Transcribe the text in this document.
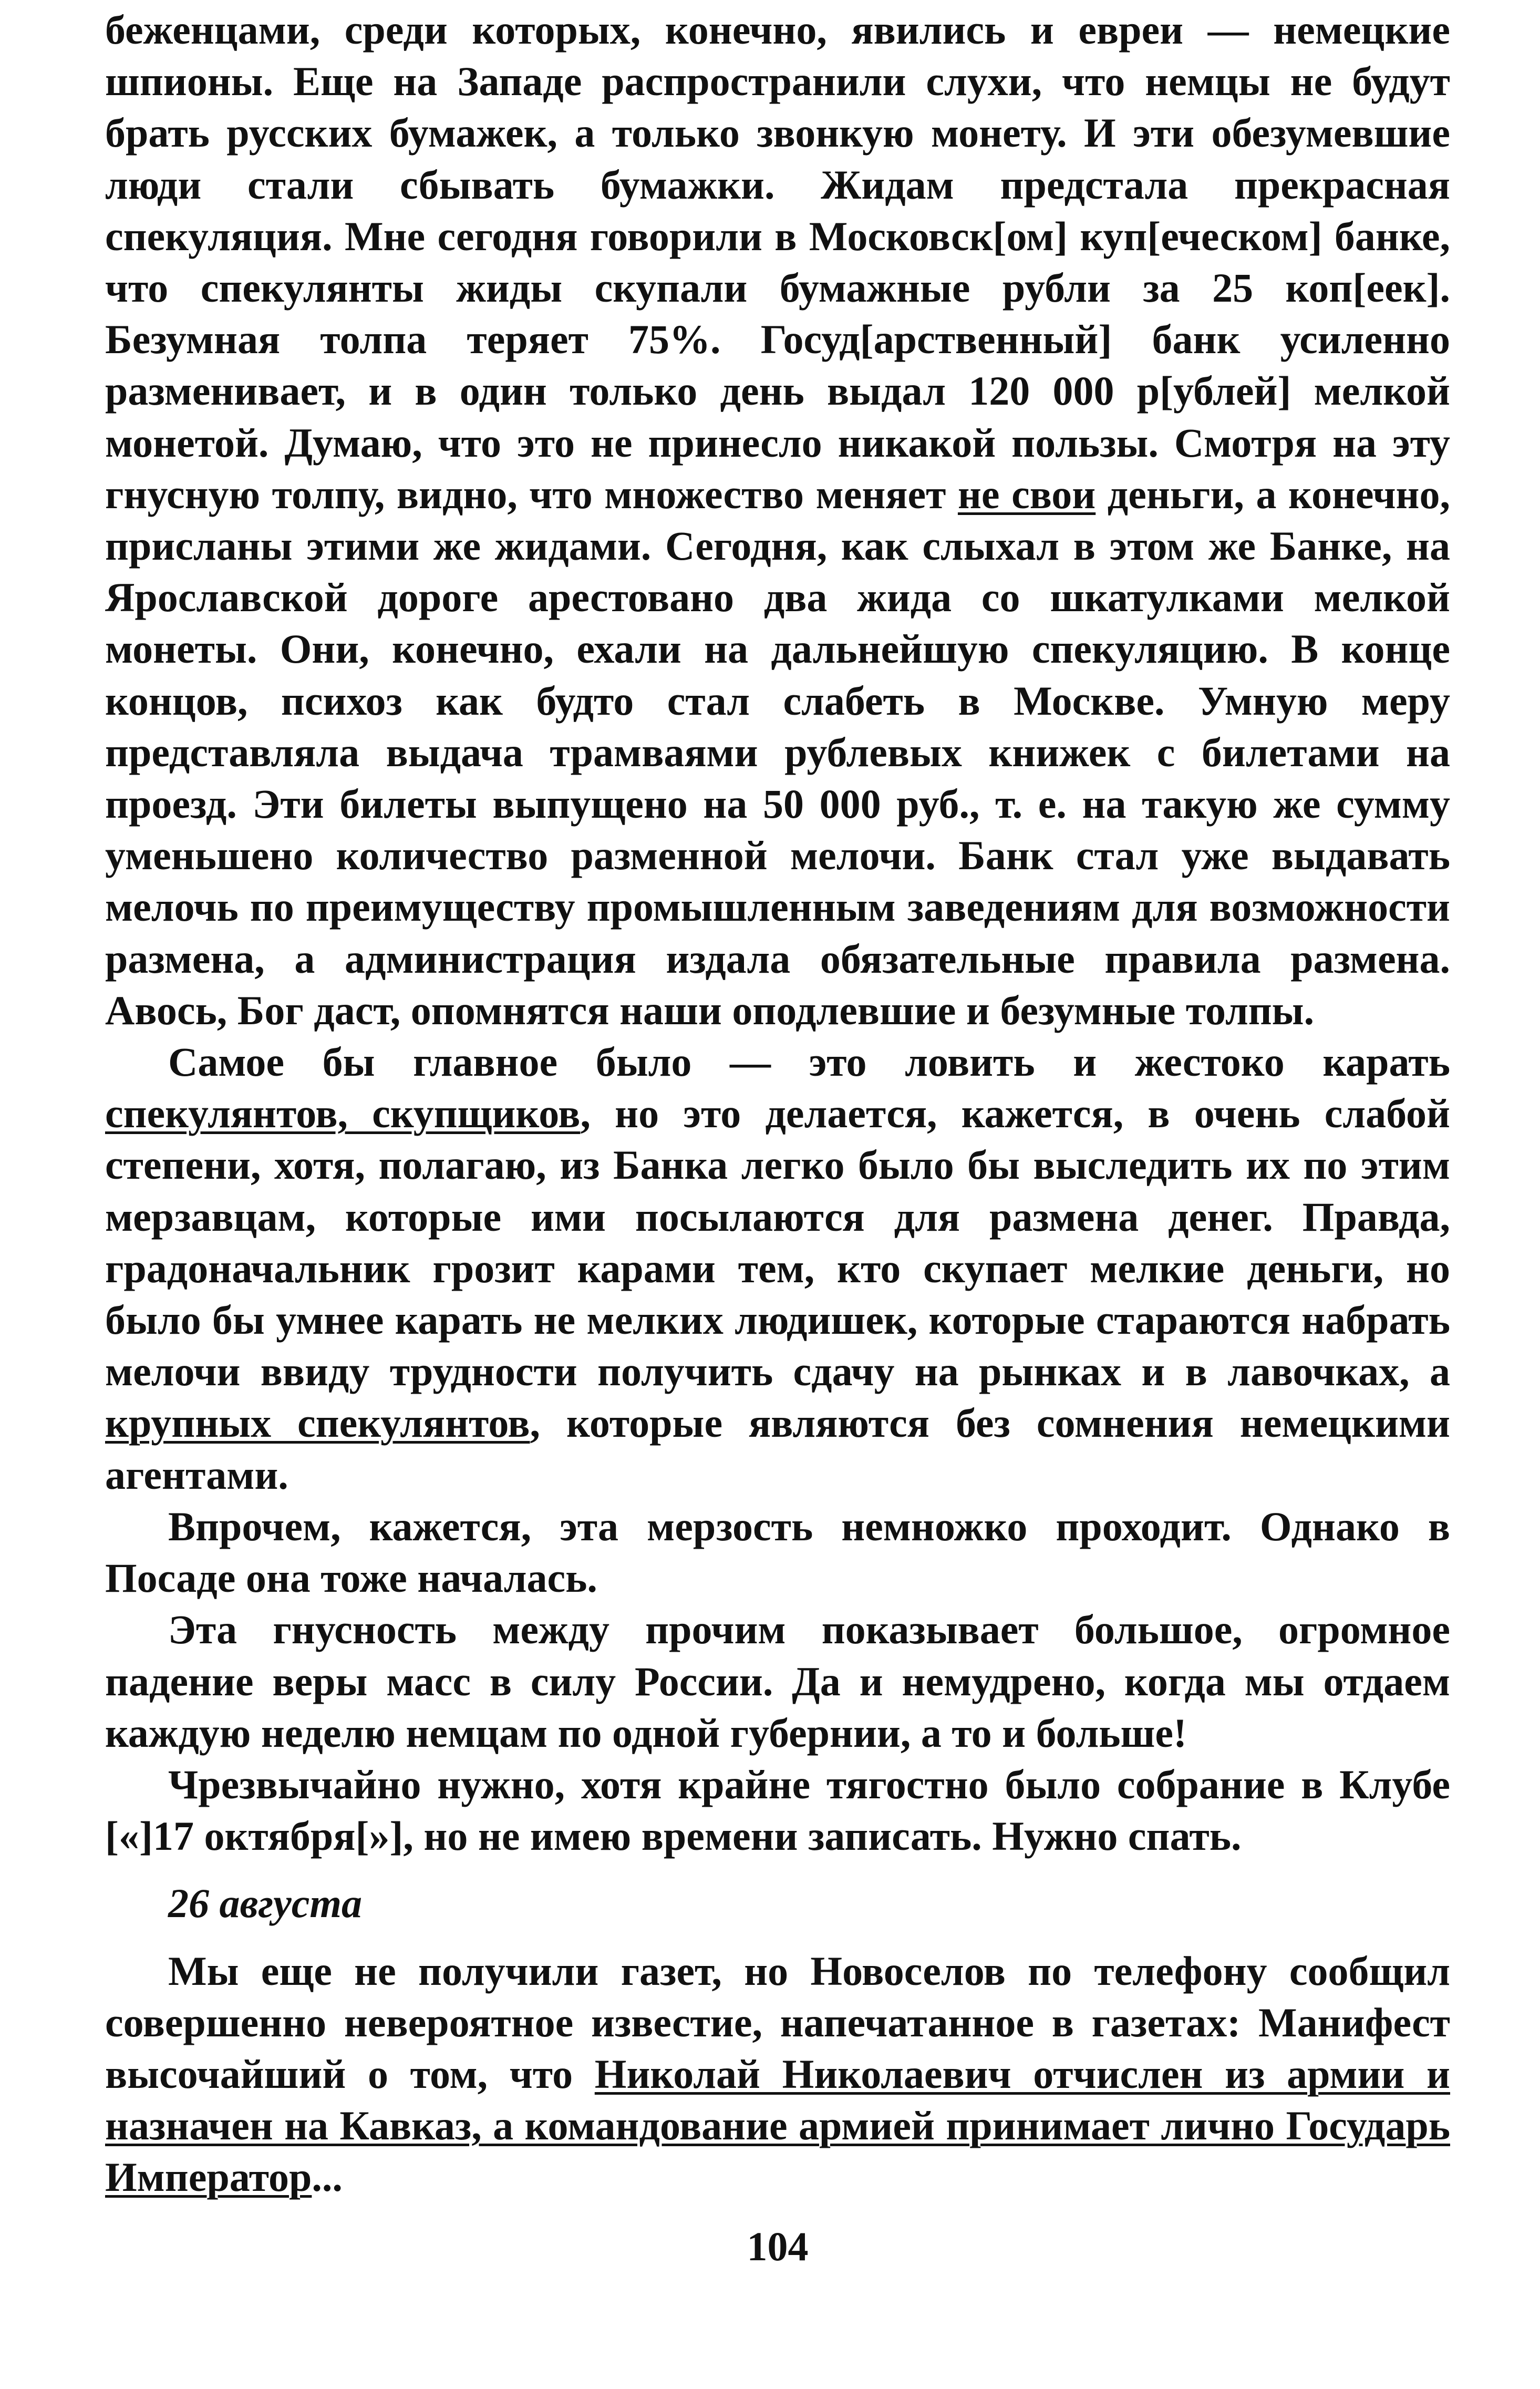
беженцами, среди которых, конечно, явились и евреи — немецкие шпионы. Еще на Западе распространили слухи, что немцы не будут брать русских бумажек, а только звонкую монету. И эти обезумевшие люди стали сбывать бумажки. Жидам предстала прекрасная спекуляция. Мне сегодня говорили в Московск[ом] куп[еческом] банке, что спекулянты жиды скупали бумажные рубли за 25 коп[еек]. Безумная толпа теряет 75%. Госуд[арственный] банк усиленно разменивает, и в один только день выдал 120 000 р[ублей] мелкой монетой. Думаю, что это не принесло никакой пользы. Смотря на эту гнусную толпу, видно, что множество меняет не свои деньги, а конечно, присланы этими же жидами. Сегодня, как слыхал в этом же Банке, на Ярославской дороге арестовано два жида со шкатулками мелкой монеты. Они, конечно, ехали на дальнейшую спекуляцию. В конце концов, психоз как будто стал слабеть в Москве. Умную меру представляла выдача трамваями рублевых книжек с билетами на проезд. Эти билеты выпущено на 50 000 руб., т. е. на такую же сумму уменьшено количество разменной мелочи. Банк стал уже выдавать мелочь по преимуществу промышленным заведениям для возможности размена, а администрация издала обязательные правила размена. Авось, Бог даст, опомнятся наши оподлевшие и безумные толпы.

Самое бы главное было — это ловить и жестоко карать спекулянтов, скупщиков, но это делается, кажется, в очень слабой степени, хотя, полагаю, из Банка легко было бы выследить их по этим мерзавцам, которые ими посылаются для размена денег. Правда, градоначальник грозит карами тем, кто скупает мелкие деньги, но было бы умнее карать не мелких людишек, которые стараются набрать мелочи ввиду трудности получить сдачу на рынках и в лавочках, а крупных спекулянтов, которые являются без сомнения немецкими агентами.

Впрочем, кажется, эта мерзость немножко проходит. Однако в Посаде она тоже началась.

Эта гнусность между прочим показывает большое, огромное падение веры масс в силу России. Да и немудрено, когда мы отдаем каждую неделю немцам по одной губернии, а то и больше!

Чрезвычайно нужно, хотя крайне тягостно было собрание в Клубе [«]17 октября[»], но не имею времени записать. Нужно спать.

26 августа

Мы еще не получили газет, но Новоселов по телефону сообщил совершенно невероятное известие, напечатанное в газетах: Манифест высочайший о том, что Николай Николаевич отчислен из армии и назначен на Кавказ, а командование армией принимает лично Государь Император...

104
